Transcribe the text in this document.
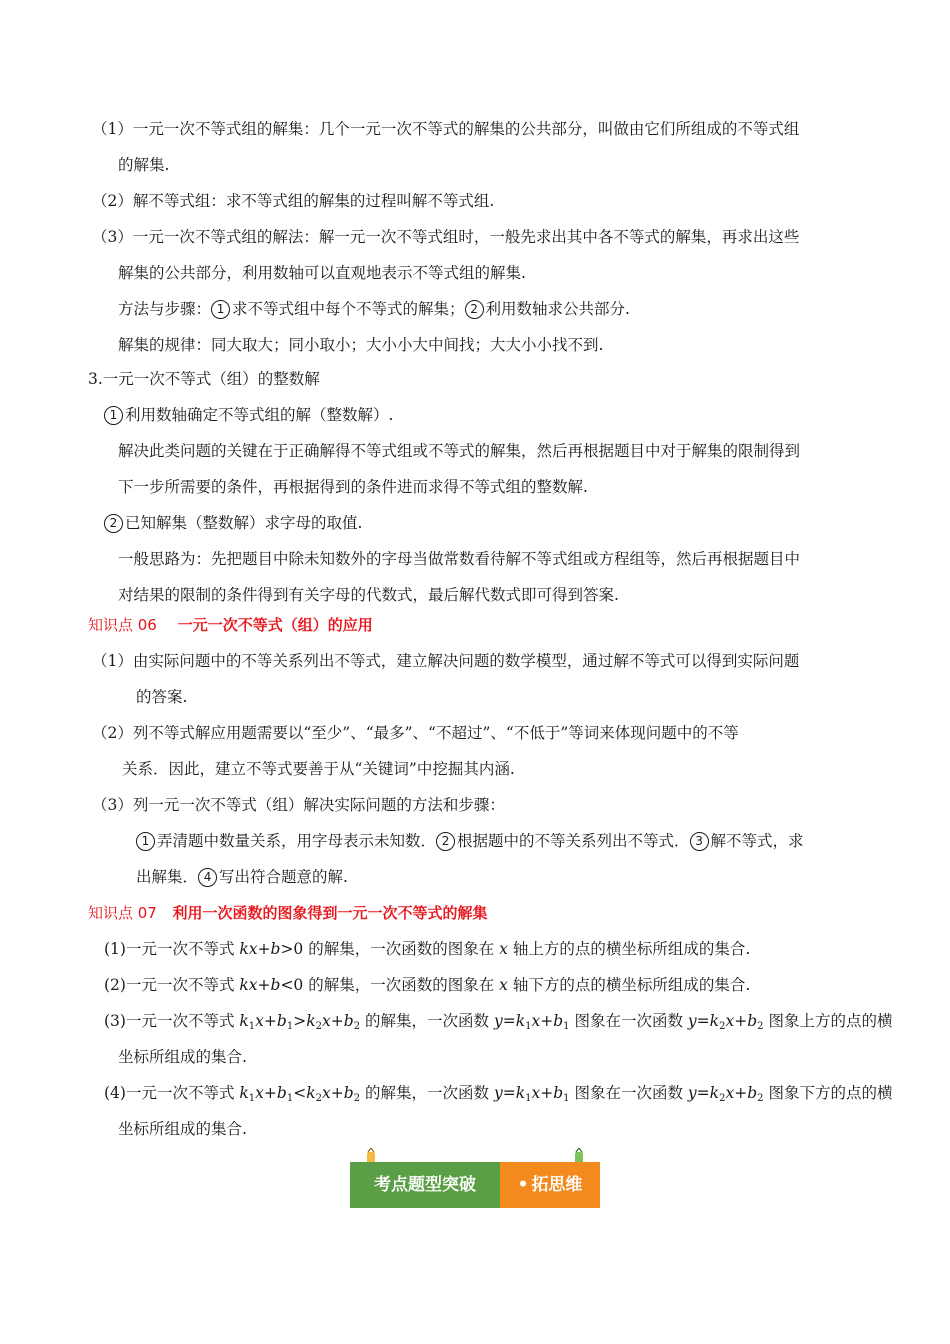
（1）一元一次不等式组的解集：几个一元一次不等式的解集的公共部分，叫做由它们所组成的不等式组
的解集.
（2）解不等式组：求不等式组的解集的过程叫解不等式组.
（3）一元一次不等式组的解法：解一元一次不等式组时，一般先求出其中各不等式的解集，再求出这些
解集的公共部分，利用数轴可以直观地表示不等式组的解集.
方法与步骤： 1 求不等式组中每个不等式的解集； 2 利用数轴求公共部分.
解集的规律：同大取大；同小取小；大小小大中间找；大大小小找不到.
3.一元一次不等式（组）的整数解
1 利用数轴确定不等式组的解（整数解）.
解决此类问题的关键在于正确解得不等式组或不等式的解集，然后再根据题目中对于解集的限制得到
下一步所需要的条件，再根据得到的条件进而求得不等式组的整数解.
2 已知解集（整数解）求字母的取值.
一般思路为：先把题目中除未知数外的字母当做常数看待解不等式组或方程组等，然后再根据题目中
对结果的限制的条件得到有关字母的代数式，最后解代数式即可得到答案.
知识点 06 一元一次不等式（组）的应用
（1）由实际问题中的不等关系列出不等式，建立解决问题的数学模型，通过解不等式可以得到实际问题
的答案.
（2）列不等式解应用题需要以“至少”、“最多”、“不超过”、“不低于”等词来体现问题中的不等
关系．因此，建立不等式要善于从“关键词”中挖掘其内涵.
（3）列一元一次不等式（组）解决实际问题的方法和步骤：
1 弄清题中数量关系，用字母表示未知数． 2 根据题中的不等关系列出不等式． 3 解不等式，求
出解集． 4 写出符合题意的解.
知识点 07 利用一次函数的图象得到一元一次不等式的解集
(1)一元一次不等式 kx+b>0 的解集，一次函数的图象在 x 轴上方的点的横坐标所组成的集合.
(2)一元一次不等式 kx+b<0 的解集，一次函数的图象在 x 轴下方的点的横坐标所组成的集合.
(3)一元一次不等式 $k_1x+b_1>k_2x+b_2$ 的解集，一次函数 $y=k_1x+b_1$ 图象在一次函数 $y=k_2x+b_2$ 图象上方的点的横
坐标所组成的集合.
(4)一元一次不等式 $k_1x+b_1<k_2x+b_2$ 的解集，一次函数 $y=k_1x+b_1$ 图象在一次函数 $y=k_2x+b_2$ 图象下方的点的横
坐标所组成的集合.
考点题型突破	• 拓思维
